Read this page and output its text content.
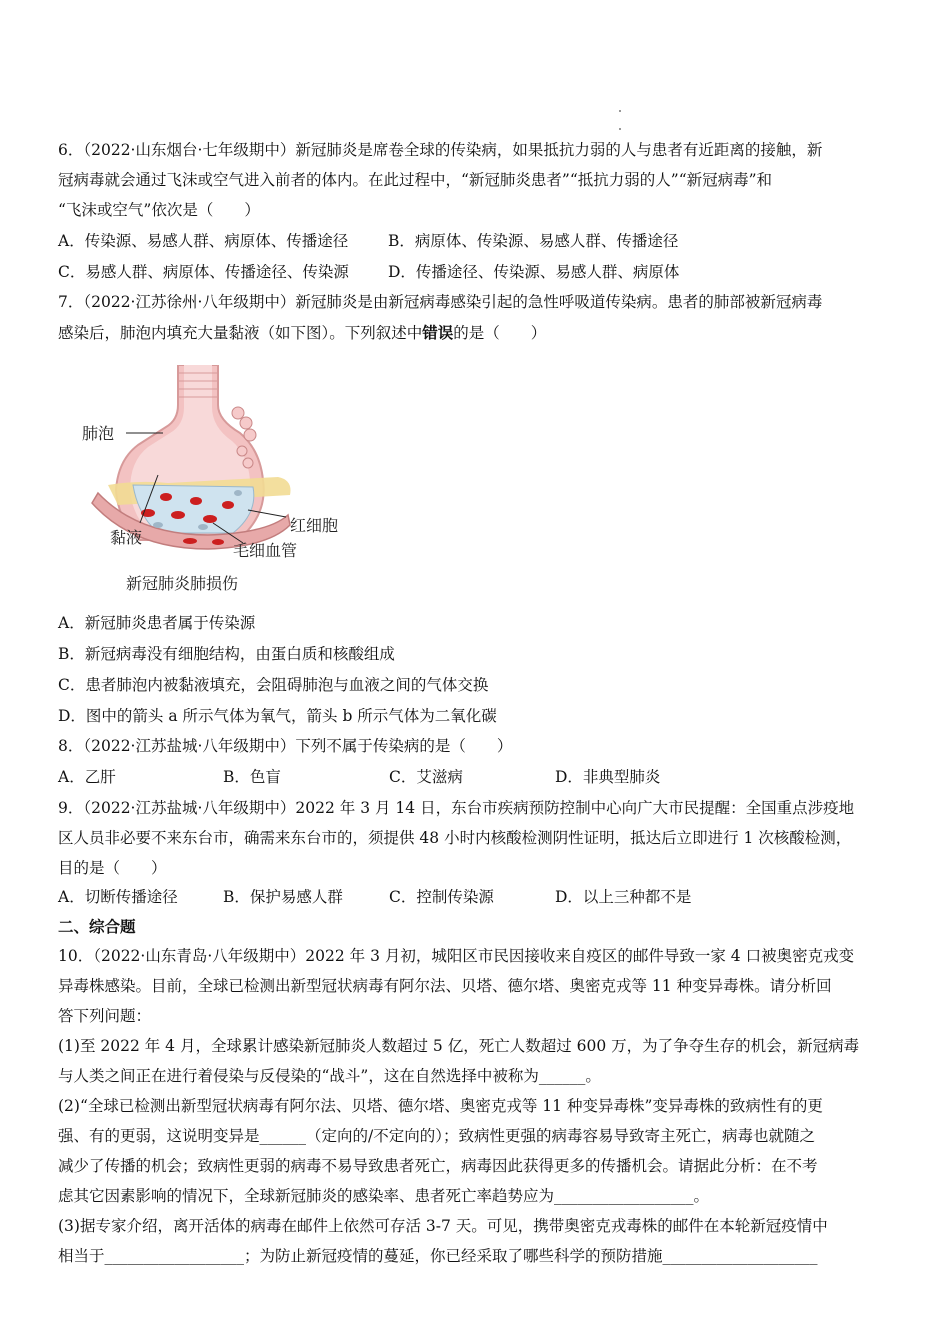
6．（2022·山东烟台·七年级期中）新冠肺炎是席卷全球的传染病，如果抵抗力弱的人与患者有近距离的接触，新
冠病毒就会通过飞沫或空气进入前者的体内。在此过程中，“新冠肺炎患者”“抵抗力弱的人”“新冠病毒”和
“飞沫或空气”依次是（　　）
A．传染源、易感人群、病原体、传播途径	B．病原体、传染源、易感人群、传播途径
C．易感人群、病原体、传播途径、传染源	D．传播途径、传染源、易感人群、病原体
7．（2022·江苏徐州·八年级期中）新冠肺炎是由新冠病毒感染引起的急性呼吸道传染病。患者的肺部被新冠病毒
感染后，肺泡内填充大量黏液（如下图）。下列叙述中错误的是（　　）
肺泡
黏液
红细胞
毛细血管
新冠肺炎肺损伤
A．新冠肺炎患者属于传染源
B．新冠病毒没有细胞结构，由蛋白质和核酸组成
C．患者肺泡内被黏液填充，会阻碍肺泡与血液之间的气体交换
D．图中的箭头 a 所示气体为氧气，箭头 b 所示气体为二氧化碳
8．（2022·江苏盐城·八年级期中）下列不属于传染病的是（　　）
A．乙肝	B．色盲	C．艾滋病	D．非典型肺炎
9．（2022·江苏盐城·八年级期中）2022 年 3 月 14 日，东台市疾病预防控制中心向广大市民提醒：全国重点涉疫地
区人员非必要不来东台市，确需来东台市的，须提供 48 小时内核酸检测阴性证明，抵达后立即进行 1 次核酸检测，
目的是（　　）
A．切断传播途径	B．保护易感人群	C．控制传染源	D．以上三种都不是
二、综合题
10．（2022·山东青岛·八年级期中）2022 年 3 月初，城阳区市民因接收来自疫区的邮件导致一家 4 口被奥密克戎变
异毒株感染。目前，全球已检测出新型冠状病毒有阿尔法、贝塔、德尔塔、奥密克戎等 11 种变异毒株。请分析回
答下列问题：
(1)至 2022 年 4 月，全球累计感染新冠肺炎人数超过 5 亿，死亡人数超过 600 万，为了争夺生存的机会，新冠病毒
与人类之间正在进行着侵染与反侵染的“战斗”，这在自然选择中被称为______。
(2)“全球已检测出新型冠状病毒有阿尔法、贝塔、德尔塔、奥密克戎等 11 种变异毒株”变异毒株的致病性有的更
强、有的更弱，这说明变异是______（定向的/不定向的）；致病性更强的病毒容易导致寄主死亡，病毒也就随之
减少了传播的机会；致病性更弱的病毒不易导致患者死亡，病毒因此获得更多的传播机会。请据此分析：在不考
虑其它因素影响的情况下，全球新冠肺炎的感染率、患者死亡率趋势应为__________________。
(3)据专家介绍，离开活体的病毒在邮件上依然可存活 3-7 天。可见，携带奥密克戎毒株的邮件在本轮新冠疫情中
相当于__________________；为防止新冠疫情的蔓延，你已经采取了哪些科学的预防措施____________________
